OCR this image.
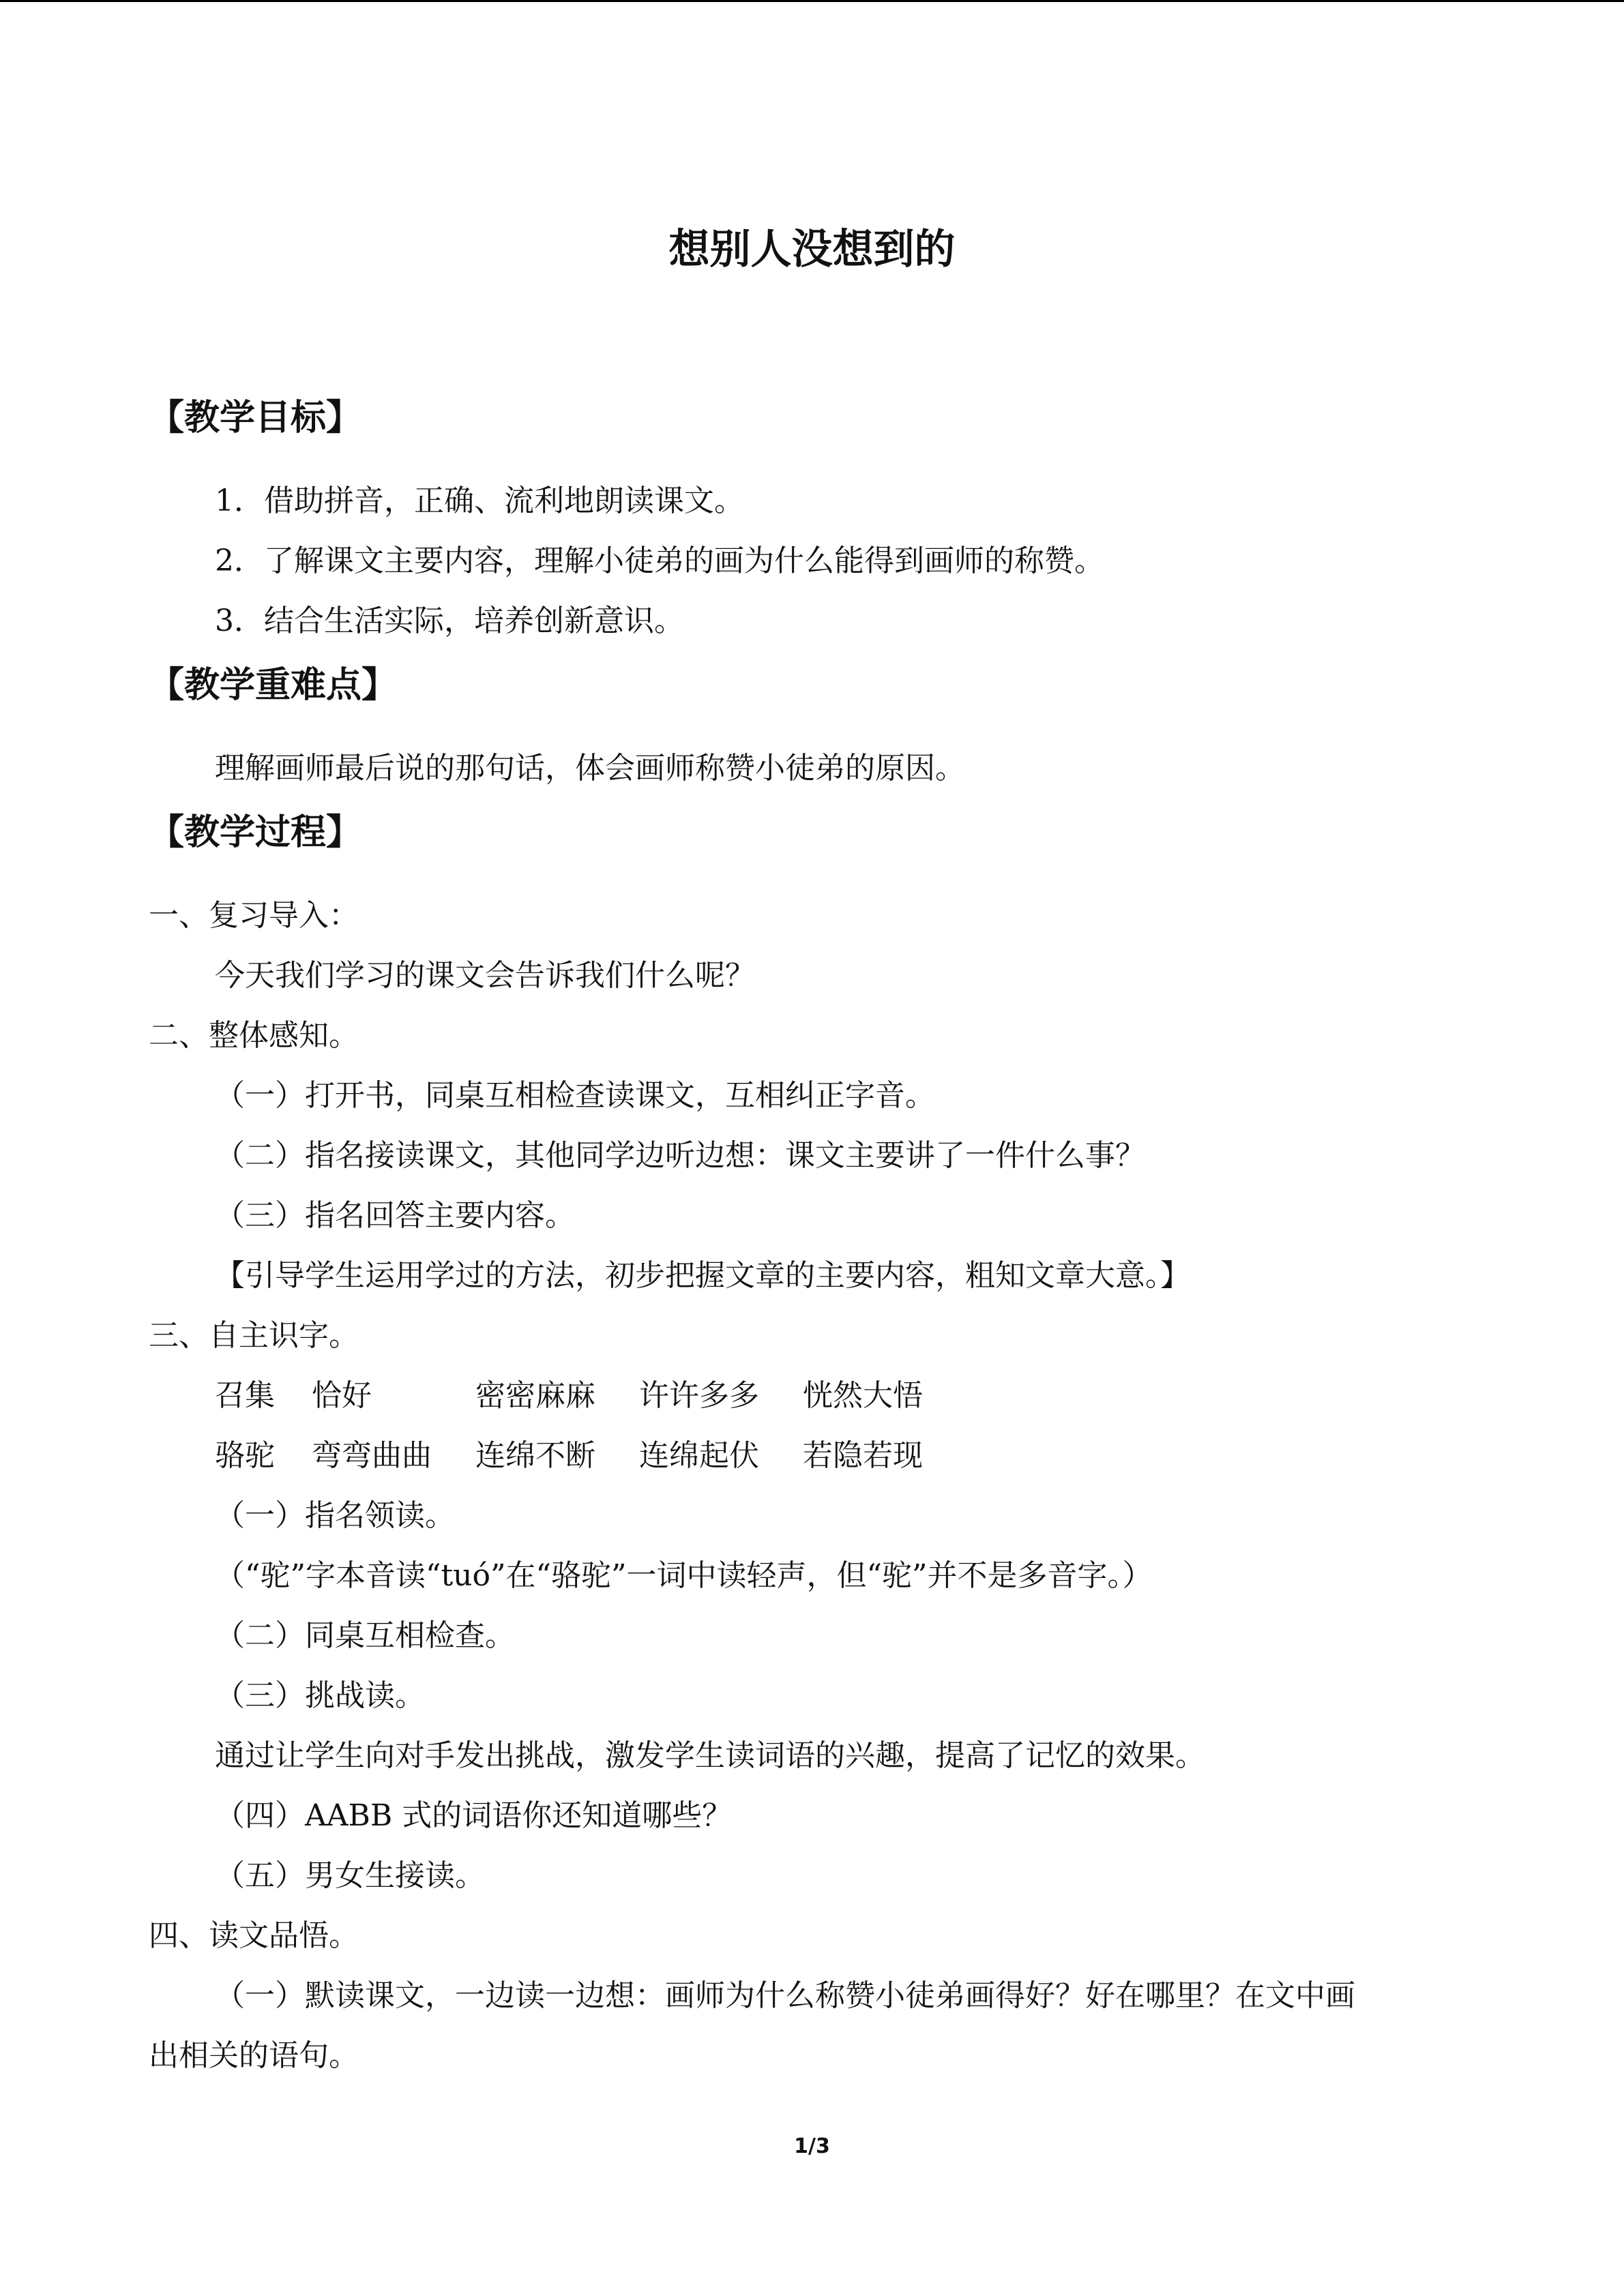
想别人没想到的
【教学目标】
1．借助拼音，正确、流利地朗读课文。
2．了解课文主要内容，理解小徒弟的画为什么能得到画师的称赞。
3．结合生活实际，培养创新意识。
【教学重难点】
理解画师最后说的那句话，体会画师称赞小徒弟的原因。
【教学过程】
一、复习导入：
今天我们学习的课文会告诉我们什么呢？
二、整体感知。
（一）打开书，同桌互相检查读课文，互相纠正字音。
（二）指名接读课文，其他同学边听边想：课文主要讲了一件什么事？
（三）指名回答主要内容。
【引导学生运用学过的方法，初步把握文章的主要内容，粗知文章大意。】
三、自主识字。
召集 恰好	密密麻麻 许许多多 恍然大悟
骆驼 弯弯曲曲 连绵不断 连绵起伏 若隐若现
（一）指名领读。
（“驼”字本音读“tuó”在“骆驼”一词中读轻声，但“驼”并不是多音字。）
（二）同桌互相检查。
（三）挑战读。
通过让学生向对手发出挑战，激发学生读词语的兴趣，提高了记忆的效果。
（四）AABB 式的词语你还知道哪些？
（五）男女生接读。
四、读文品悟。
（一）默读课文，一边读一边想：画师为什么称赞小徒弟画得好？好在哪里？在文中画
出相关的语句。
1/3
